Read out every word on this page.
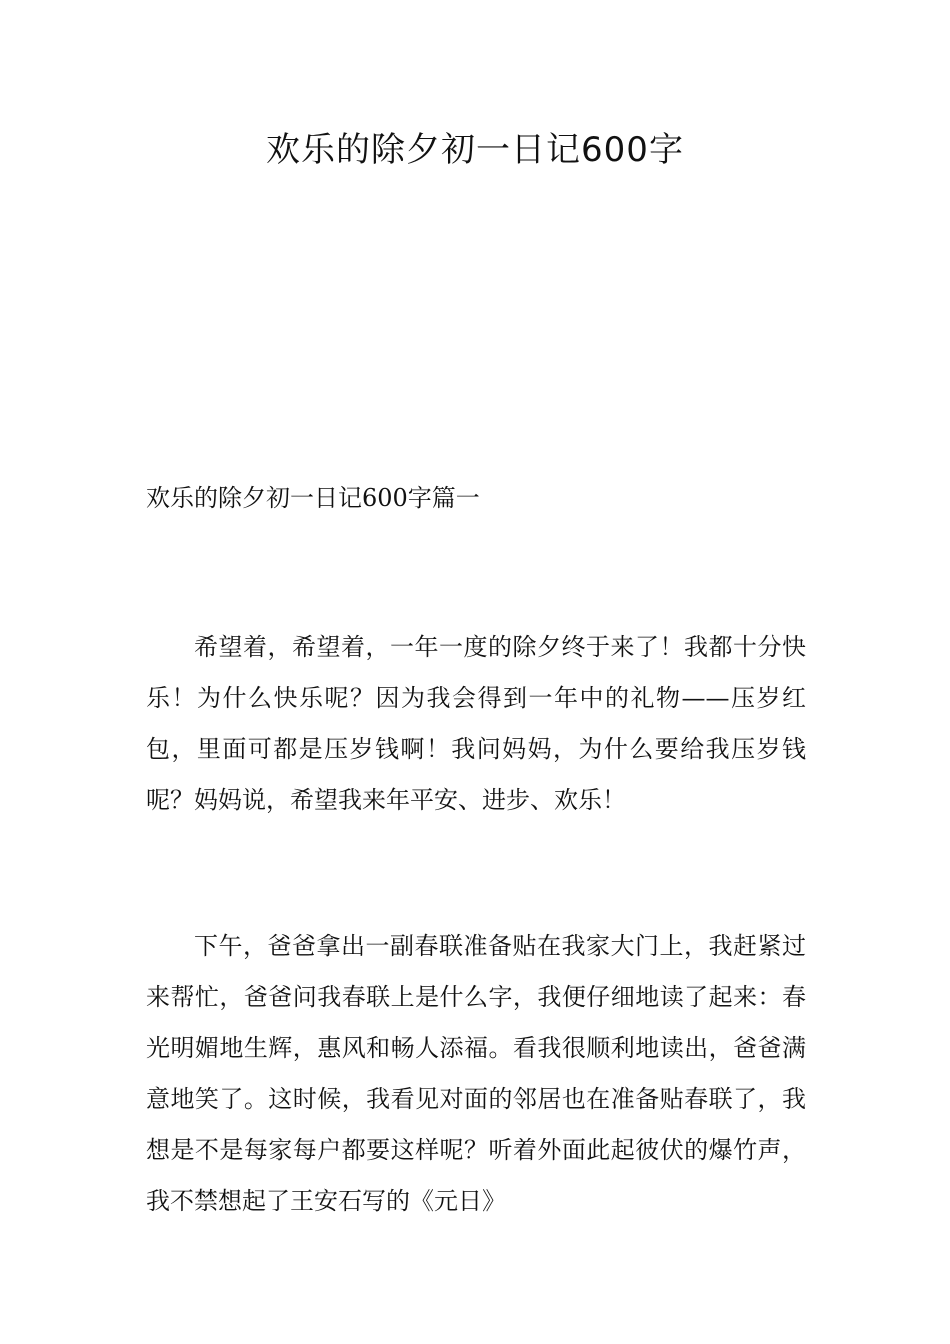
欢乐的除夕初一日记600字
欢乐的除夕初一日记600字篇一

希望着，希望着，一年一度的除夕终于来了！我都十分快乐！为什么快乐呢？因为我会得到一年中的礼物——压岁红包，里面可都是压岁钱啊！我问妈妈，为什么要给我压岁钱呢？妈妈说，希望我来年平安、进步、欢乐！

下午，爸爸拿出一副春联准备贴在我家大门上，我赶紧过来帮忙，爸爸问我春联上是什么字，我便仔细地读了起来：春光明媚地生辉，惠风和畅人添福。看我很顺利地读出，爸爸满意地笑了。这时候，我看见对面的邻居也在准备贴春联了，我想是不是每家每户都要这样呢？听着外面此起彼伏的爆竹声，我不禁想起了王安石写的《元日》
